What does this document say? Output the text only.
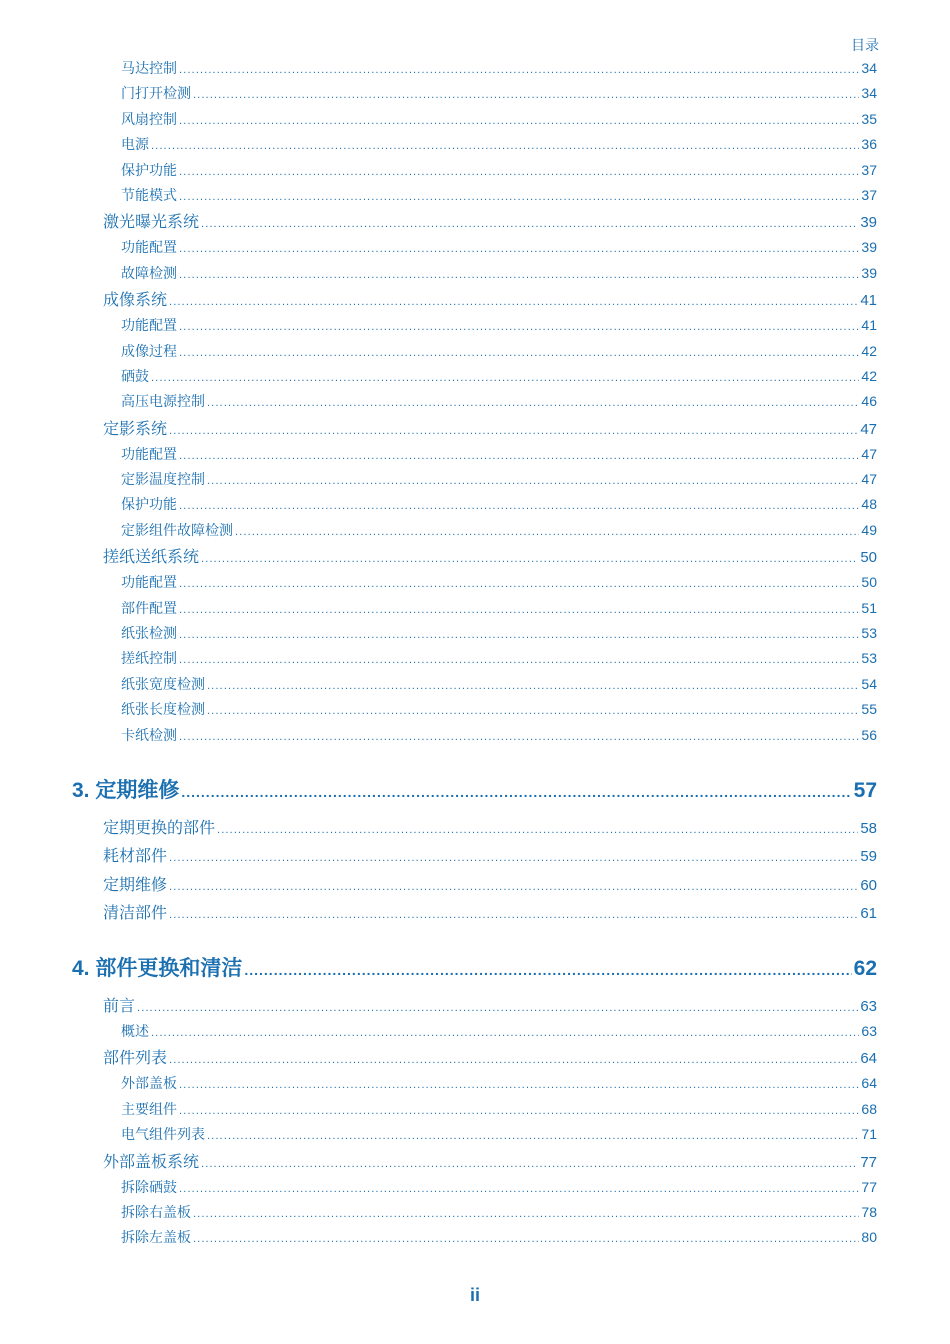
目录
马达控制 .....	34
门打开检测 .....	34
风扇控制 .....	35
电源 .....	36
保护功能 .....	37
节能模式 .....	37
激光曝光系统 .....	39
功能配置 .....	39
故障检测 .....	39
成像系统 .....	41
功能配置 .....	41
成像过程 .....	42
硒鼓 .....	42
高压电源控制 .....	46
定影系统 .....	47
功能配置 .....	47
定影温度控制 .....	47
保护功能 .....	48
定影组件故障检测 .....	49
搓纸送纸系统 .....	50
功能配置 .....	50
部件配置 .....	51
纸张检测 .....	53
搓纸控制 .....	53
纸张宽度检测 .....	54
纸张长度检测 .....	55
卡纸检测 .....	56
3. 定期维修 .....	57
定期更换的部件 .....	58
耗材部件 .....	59
定期维修 .....	60
清洁部件 .....	61
4. 部件更换和清洁 .....	62
前言 .....	63
概述 .....	63
部件列表 .....	64
外部盖板 .....	64
主要组件 .....	68
电气组件列表 .....	71
外部盖板系统 .....	77
拆除硒鼓 .....	77
拆除右盖板 .....	78
拆除左盖板 .....	80
ii
